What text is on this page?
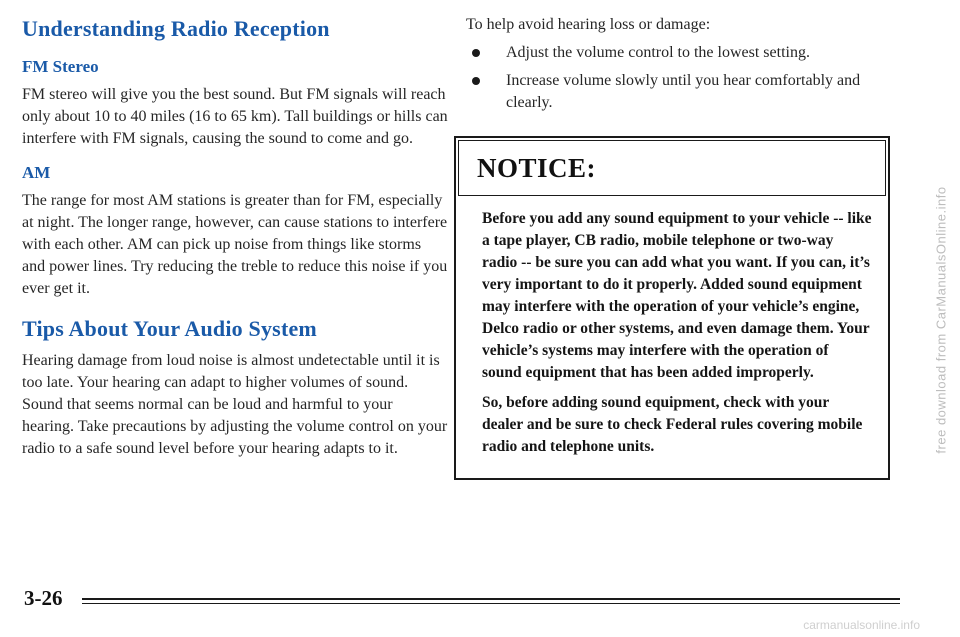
Understanding Radio Reception
FM Stereo

FM stereo will give you the best sound. But FM signals will reach only about 10 to 40 miles (16 to 65 km). Tall buildings or hills can interfere with FM signals, causing the sound to come and go.

AM

The range for most AM stations is greater than for FM, especially at night. The longer range, however, can cause stations to interfere with each other. AM can pick up noise from things like storms and power lines. Try reducing the treble to reduce this noise if you ever get it.

Tips About Your Audio System

Hearing damage from loud noise is almost undetectable until it is too late. Your hearing can adapt to higher volumes of sound. Sound that seems normal can be loud and harmful to your hearing. Take precautions by adjusting the volume control on your radio to a safe sound level before your hearing adapts to it.

To help avoid hearing loss or damage:

Adjust the volume control to the lowest setting.
Increase volume slowly until you hear comfortably and clearly.
NOTICE:

Before you add any sound equipment to your vehicle -- like a tape player, CB radio, mobile telephone or two-way radio -- be sure you can add what you want. If you can, it’s very important to do it properly. Added sound equipment may interfere with the operation of your vehicle’s engine, Delco radio or other systems, and even damage them. Your vehicle’s systems may interfere with the operation of sound equipment that has been added improperly.

So, before adding sound equipment, check with your dealer and be sure to check Federal rules covering mobile radio and telephone units.

3-26
free download from CarManualsOnline.info
carmanualsonline.info
